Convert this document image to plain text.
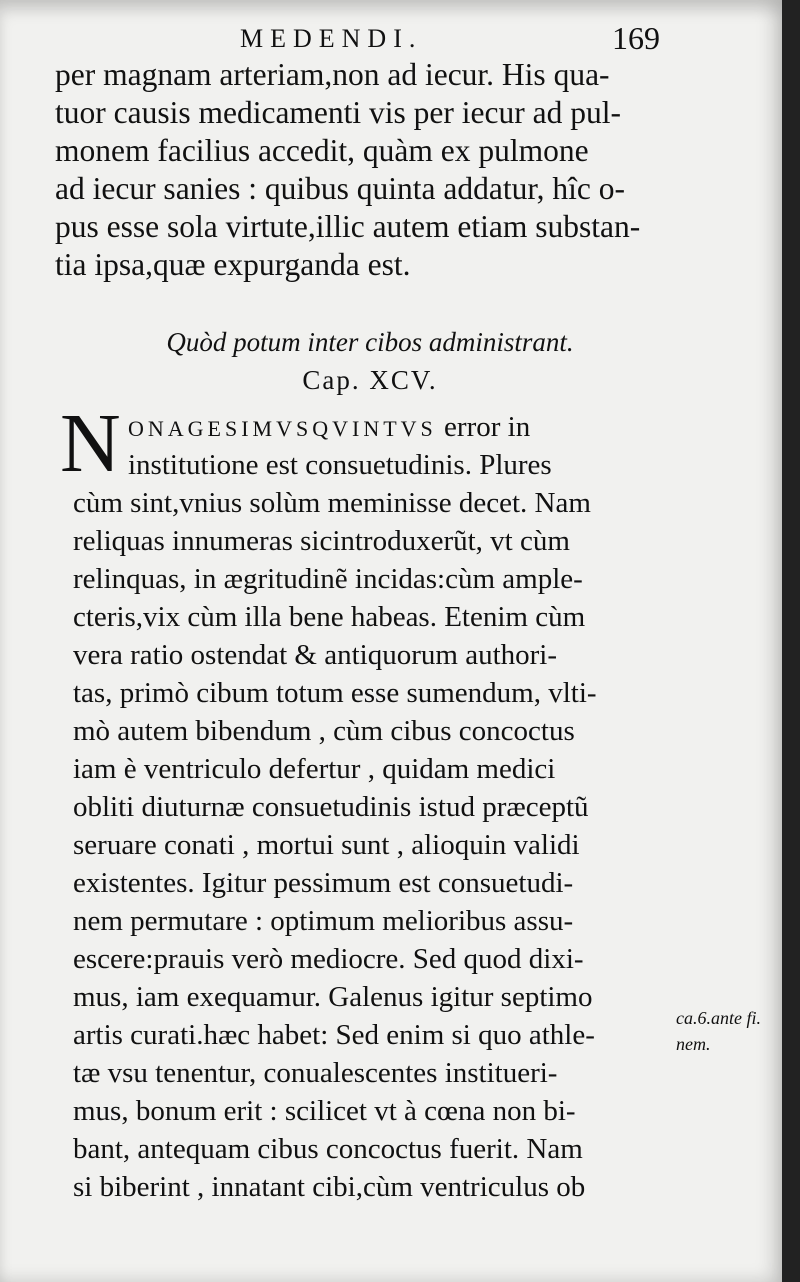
MEDENDI.	169
per magnam arteriam,non ad iecur. His qua-
tuor causis medicamenti vis per iecur ad pul-
monem facilius accedit, quàm ex pulmone
ad iecur sanies : quibus quinta addatur, hîc o-
pus esse sola virtute,illic autem etiam substan-
tia ipsa,quæ expurganda est.
Quòd potum inter cibos administrant.
Cap. XCV.
N ONAGESIMVSQVINTVS error in
institutione est consuetudinis. Plures
cùm sint,vnius solùm meminisse decet. Nam
reliquas innumeras sicintroduxerũt, vt cùm
relinquas, in ægritudinẽ incidas:cùm ample-
cteris,vix cùm illa bene habeas. Etenim cùm
vera ratio ostendat & antiquorum authori-
tas, primò cibum totum esse sumendum, vlti-
mò autem bibendum , cùm cibus concoctus
iam è ventriculo defertur , quidam medici
obliti diuturnæ consuetudinis istud præceptũ
seruare conati , mortui sunt , alioquin validi
existentes. Igitur pessimum est consuetudi-
nem permutare : optimum melioribus assu-
escere:prauis verò mediocre. Sed quod dixi-
mus, iam exequamur. Galenus igitur septimo
artis curati.hæc habet: Sed enim si quo athle-
tæ vsu tenentur, conualescentes institueri-
mus, bonum erit : scilicet vt à cœna non bi-
bant, antequam cibus concoctus fuerit. Nam
si biberint , innatant cibi,cùm ventriculus ob
ca.6.ante fi.
nem.
